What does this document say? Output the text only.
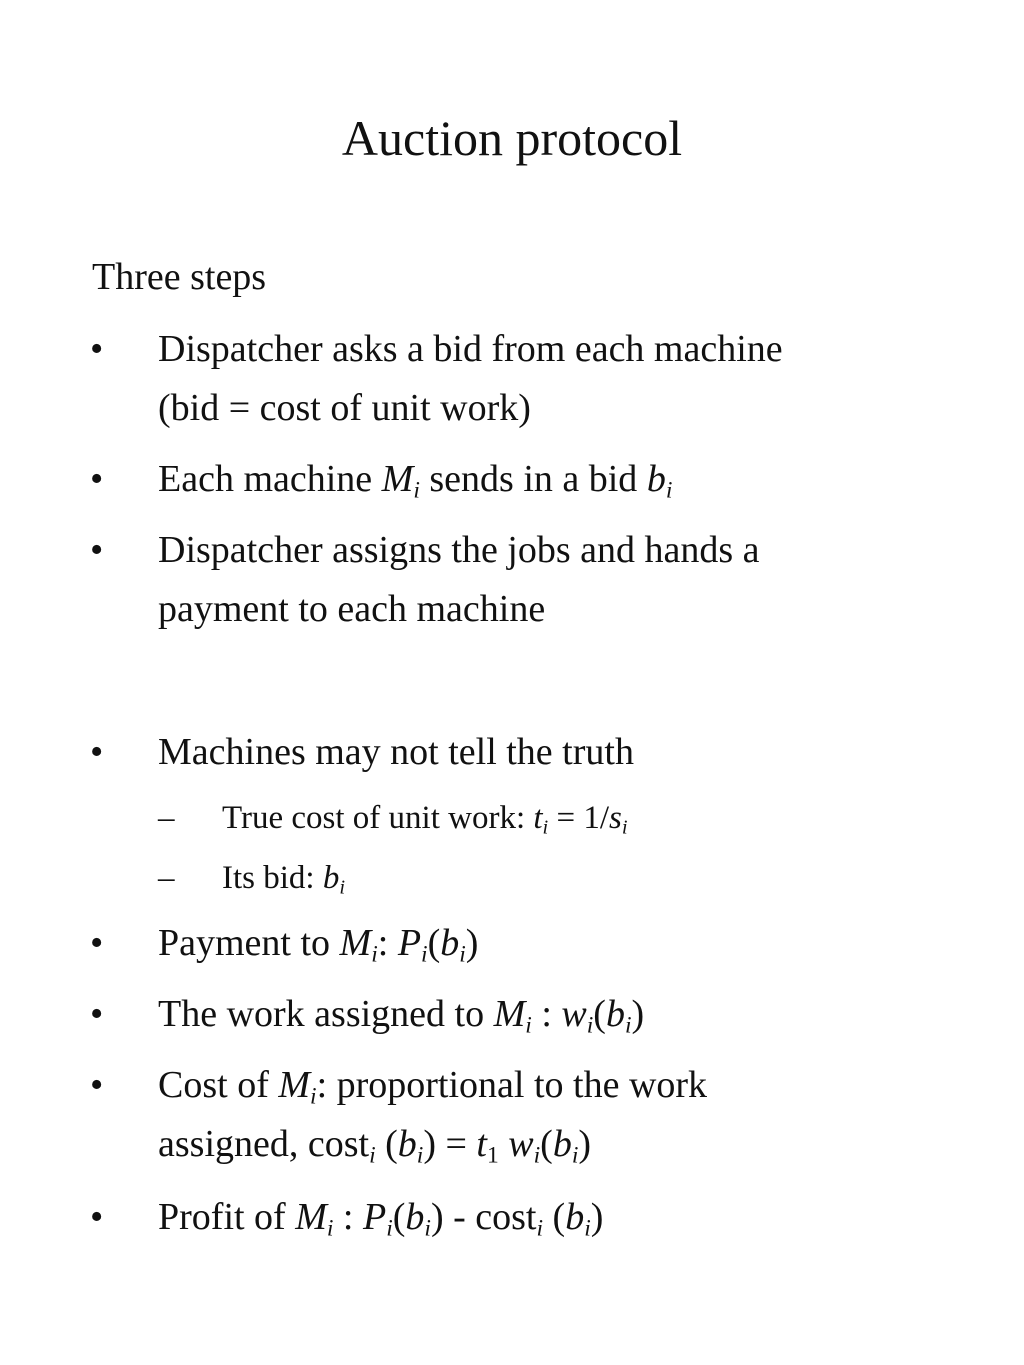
Auction protocol
Three steps
• Dispatcher asks a bid from each machine
(bid = cost of unit work)
• Each machine $M_i$ sends in a bid $b_i$
• Dispatcher assigns the jobs and hands a
payment to each machine
• Machines may not tell the truth
– True cost of unit work: $t_i = 1/s_i$
– Its bid: $b_i$
• Payment to $M_i$: $P_i(b_i)$
• The work assigned to $M_i$ : $w_i(b_i)$
• Cost of $M_i$: proportional to the work
assigned, cost$_i$ $(b_i) = t_1$ $w_i(b_i)$
• Profit of $M_i$ : $P_i(b_i) - \cos t_i$ $(b_i)$
